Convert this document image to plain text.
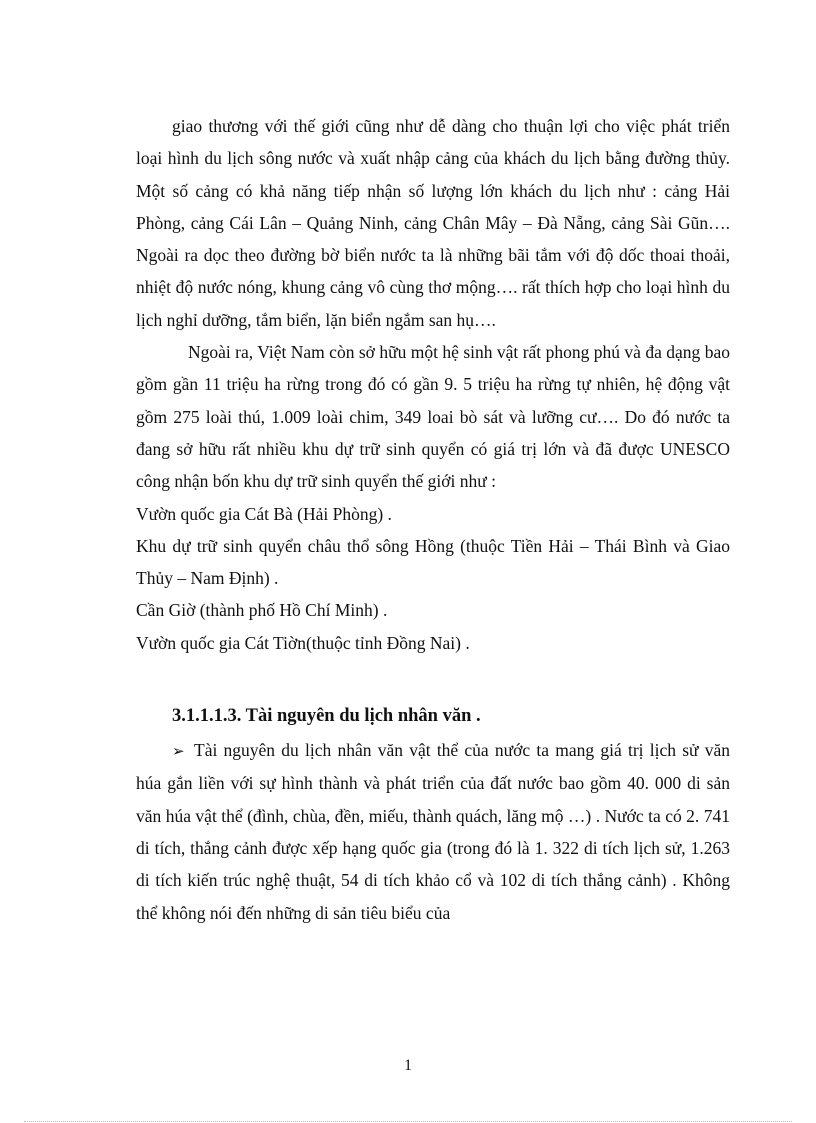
giao thương với thế giới cũng như dễ dàng cho thuận lợi cho việc phát triển loại hình du lịch sông nước và xuất nhập cảng của khách du lịch bằng đường thủy. Một số cảng có khả năng tiếp nhận số lượng lớn khách du lịch như : cảng Hải Phòng, cảng Cái Lân – Quảng Ninh, cảng Chân Mây – Đà Nẵng, cảng Sài Gũn…. Ngoài ra dọc theo đường bờ biển nước ta là những bãi tắm với độ dốc thoai thoải, nhiệt độ nước nóng, khung cảng vô cùng thơ mộng…. rất thích hợp cho loại hình du lịch nghỉ dưỡng, tắm biển, lặn biển ngắm san hụ….

Ngoài ra, Việt Nam còn sở hữu một hệ sinh vật rất phong phú và đa dạng bao gồm gần 11 triệu ha rừng trong đó có gần 9. 5 triệu ha rừng tự nhiên, hệ động vật gồm 275 loài thú, 1.009 loài chim, 349 loai bò sát và lưỡng cư…. Do đó nước ta đang sở hữu rất nhiều khu dự trữ sinh quyển có giá trị lớn và đã được UNESCO công nhận bốn khu dự trữ sinh quyển thế giới như :

Vườn quốc gia Cát Bà (Hải Phòng) .

Khu dự trữ sinh quyển châu thổ sông Hồng (thuộc Tiền Hải – Thái Bình và Giao Thủy – Nam Định) .

Cần Giờ (thành phố Hồ Chí Minh) .

Vườn quốc gia Cát Tiờn(thuộc tỉnh Đồng Nai) .

3.1.1.1.3. Tài nguyên du lịch nhân văn .

➢ Tài nguyên du lịch nhân văn vật thể của nước ta mang giá trị lịch sử văn húa gắn liền với sự hình thành và phát triển của đất nước bao gồm 40. 000 di sản văn húa vật thể (đình, chùa, đền, miếu, thành quách, lăng mộ …) . Nước ta có 2. 741 di tích, thắng cảnh được xếp hạng quốc gia (trong đó là 1. 322 di tích lịch sử, 1.263 di tích kiến trúc nghệ thuật, 54 di tích khảo cổ và 102 di tích thắng cảnh) . Không thể không nói đến những di sản tiêu biểu của

1
